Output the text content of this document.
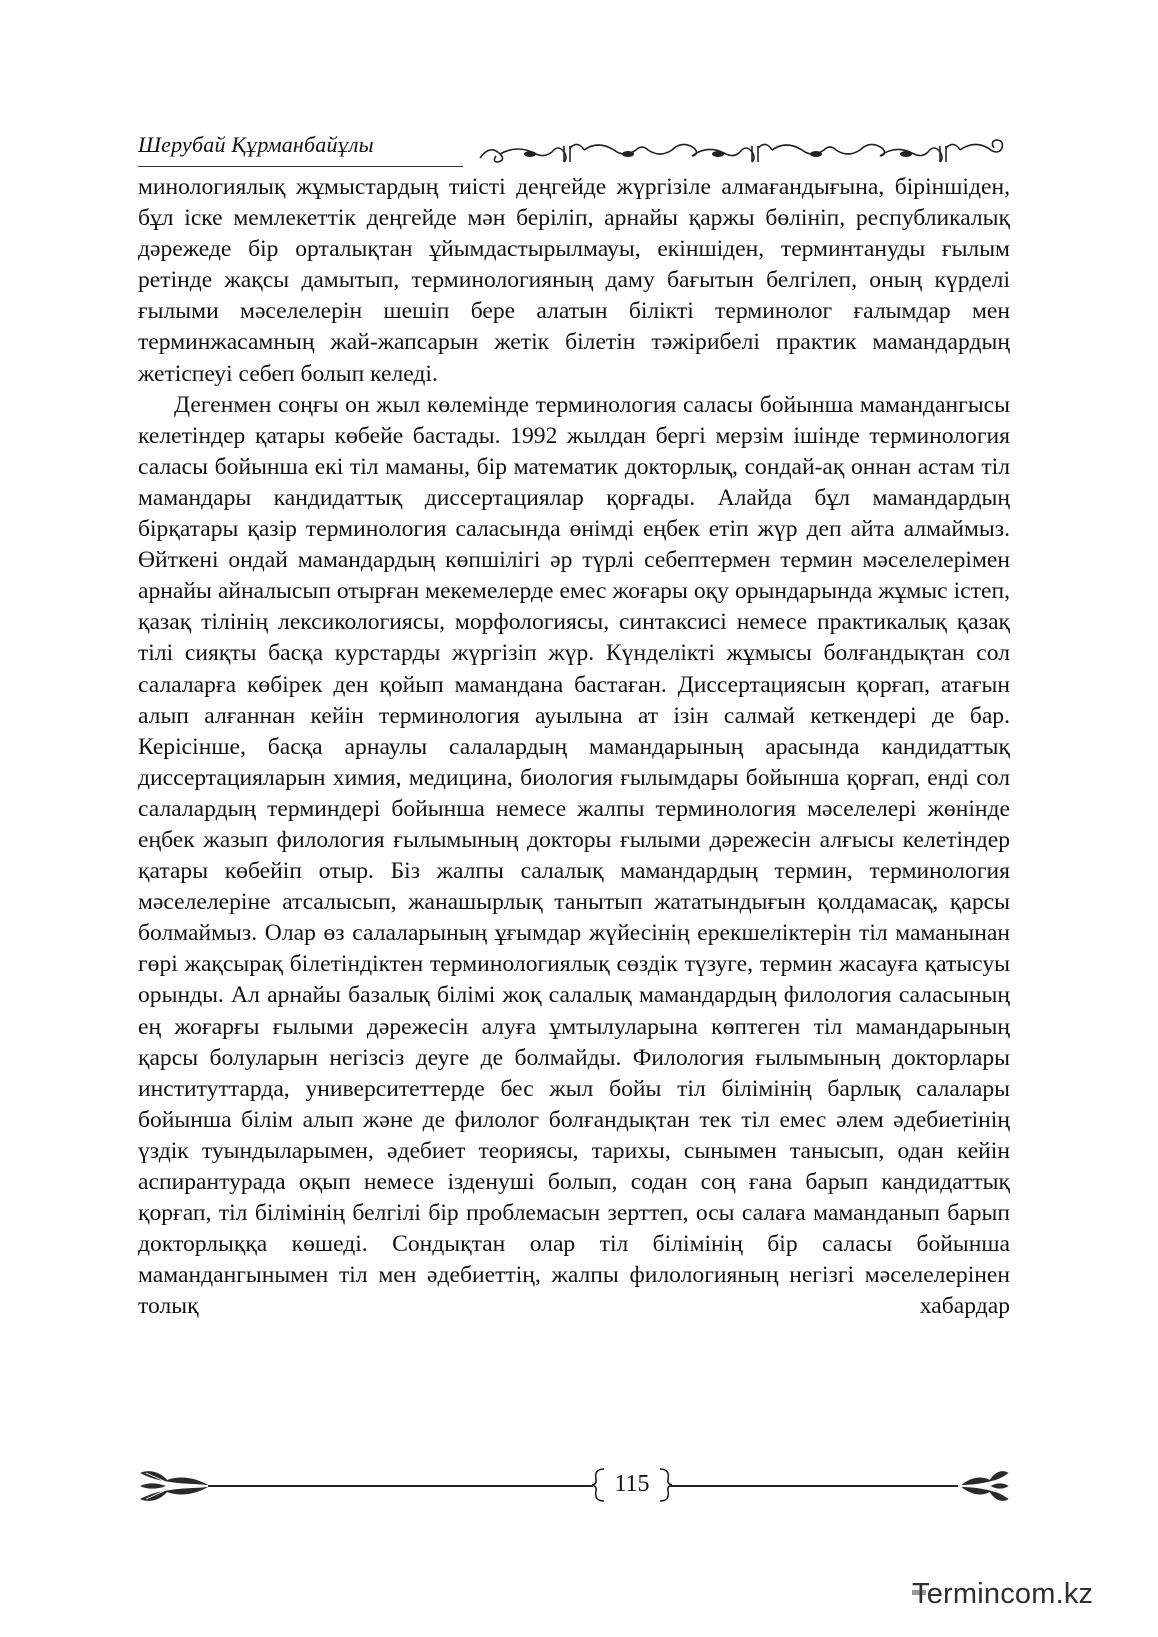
Шерубай Құрманбайұлы

минологиялық жұмыстардың тиісті деңгейде жүргізіле алмағандығына, біріншіден, бұл іске мемлекеттік деңгейде мән беріліп, арнайы қаржы бөлініп, республикалық дәрежеде бір орталықтан ұйымдастырылмауы, екіншіден, терминтануды ғылым ретінде жақсы дамытып, терминологияның даму бағытын белгілеп, оның күрделі ғылыми мәселелерін шешіп бере алатын білікті терминолог ғалымдар мен терминжасамның жай-жапсарын жетік білетін тәжірибелі практик мамандардың жетіспеуі себеп болып келеді.

Дегенмен соңғы он жыл көлемінде терминология саласы бойынша мамандангысы келетіндер қатары көбейе бастады. 1992 жылдан бергі мерзім ішінде терминология саласы бойынша екі тіл маманы, бір математик докторлық, сондай-ақ оннан астам тіл мамандары кандидаттық диссертациялар қорғады. Алайда бұл мамандардың бірқатары қазір терминология саласында өнімді еңбек етіп жүр деп айта алмаймыз. Өйткені ондай мамандардың көпшілігі әр түрлі себептермен термин мәселелерімен арнайы айналысып отырған мекемелерде емес жоғары оқу орындарында жұмыс істеп, қазақ тілінің лексикологиясы, морфологиясы, синтаксисі немесе практикалық қазақ тілі сияқты басқа курстарды жүргізіп жүр. Күнделікті жұмысы болғандықтан сол салаларға көбірек ден қойып мамандана бастаған. Диссертациясын қорғап, атағын алып алғаннан кейін терминология ауылына ат ізін салмай кеткендері де бар. Керісінше, басқа арнаулы салалардың мамандарының арасында кандидаттық диссертацияларын химия, медицина, биология ғылымдары бойынша қорғап, енді сол салалардың терминдері бойынша немесе жалпы терминология мәселелері жөнінде еңбек жазып филология ғылымының докторы ғылыми дәрежесін алғысы келетіндер қатары көбейіп отыр. Біз жалпы салалық мамандардың термин, терминология мәселелеріне атсалысып, жанашырлық танытып жататындығын қолдамасақ, қарсы болмаймыз. Олар өз салаларының ұғымдар жүйесінің ерекшеліктерін тіл маманынан гөрі жақсырақ білетіндіктен терминологиялық сөздік түзуге, термин жасауға қатысуы орынды. Ал арнайы базалық білімі жоқ салалық мамандардың филология саласының ең жоғарғы ғылыми дәрежесін алуға ұмтылуларына көптеген тіл мамандарының қарсы болуларын негізсіз деуге де болмайды. Филология ғылымының докторлары институттарда, университеттерде бес жыл бойы тіл білімінің барлық салалары бойынша білім алып және де филолог болғандықтан тек тіл емес әлем әдебиетінің үздік туындыларымен, әдебиет теориясы, тарихы, сынымен танысып, одан кейін аспирантурада оқып немесе ізденуші болып, содан соң ғана барып кандидаттық қорғап, тіл білімінің белгілі бір проблемасын зерттеп, осы салаға маманданып барып докторлыққа көшеді. Сондықтан олар тіл білімінің бір саласы бойынша мамандангынымен тіл мен әдебиеттің, жалпы филологияның негізгі мәселелерінен толық хабардар

115
Termincom.kz
